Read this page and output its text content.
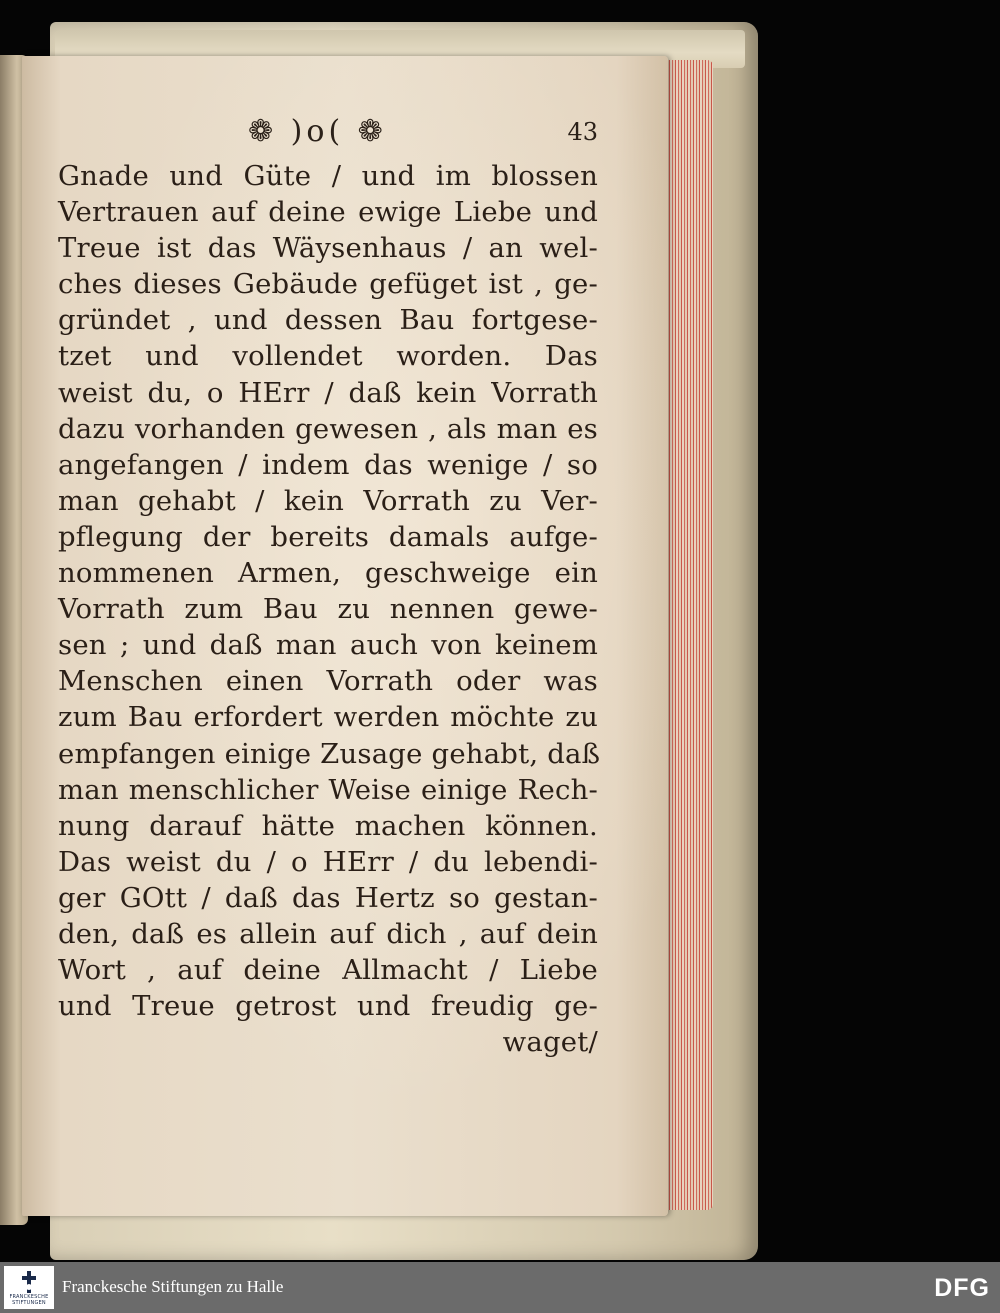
❁ )o( ❁	43
Gnade und Güte / und im blossen
Vertrauen auf deine ewige Liebe und
Treue ist das Wäysenhaus / an wel-
ches dieses Gebäude gefüget ist , ge-
gründet , und dessen Bau fortgese-
tzet und vollendet worden. Das
weist du, o HErr / daß kein Vorrath
dazu vorhanden gewesen , als man es
angefangen / indem das wenige / so
man gehabt / kein Vorrath zu Ver-
pflegung der bereits damals aufge-
nommenen Armen, geschweige ein
Vorrath zum Bau zu nennen gewe-
sen ; und daß man auch von keinem
Menschen einen Vorrath oder was
zum Bau erfordert werden möchte zu
empfangen einige Zusage gehabt, daß
man menschlicher Weise einige Rech-
nung darauf hätte machen können.
Das weist du / o HErr / du lebendi-
ger GOtt / daß das Hertz so gestan-
den, daß es allein auf dich , auf dein
Wort , auf deine Allmacht / Liebe
und Treue getrost und freudig ge-
waget/
FRANCKESCHE
STIFTUNGEN
Franckesche Stiftungen zu Halle	DFG
